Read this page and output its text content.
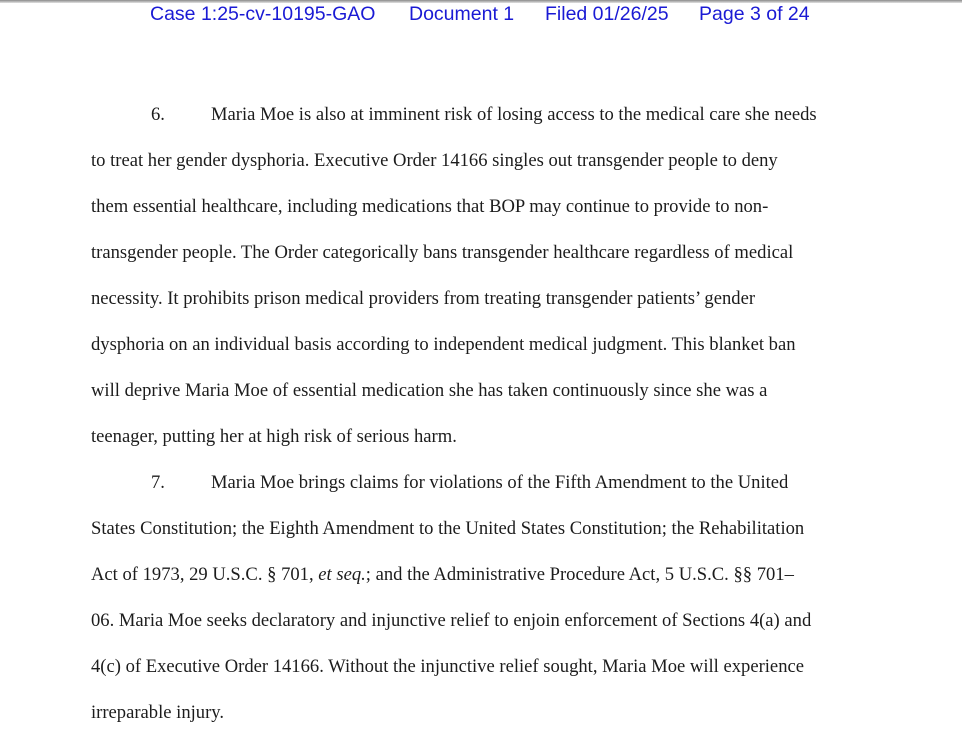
Case 1:25-cv-10195-GAO Document 1 Filed 01/26/25 Page 3 of 24
6. Maria Moe is also at imminent risk of losing access to the medical care she needs
to treat her gender dysphoria. Executive Order 14166 singles out transgender people to deny
them essential healthcare, including medications that BOP may continue to provide to non-
transgender people. The Order categorically bans transgender healthcare regardless of medical
necessity. It prohibits prison medical providers from treating transgender patients’ gender
dysphoria on an individual basis according to independent medical judgment. This blanket ban
will deprive Maria Moe of essential medication she has taken continuously since she was a
teenager, putting her at high risk of serious harm.
7. Maria Moe brings claims for violations of the Fifth Amendment to the United
States Constitution; the Eighth Amendment to the United States Constitution; the Rehabilitation
Act of 1973, 29 U.S.C. § 701, et seq.; and the Administrative Procedure Act, 5 U.S.C. §§ 701–
06. Maria Moe seeks declaratory and injunctive relief to enjoin enforcement of Sections 4(a) and
4(c) of Executive Order 14166. Without the injunctive relief sought, Maria Moe will experience
irreparable injury.
